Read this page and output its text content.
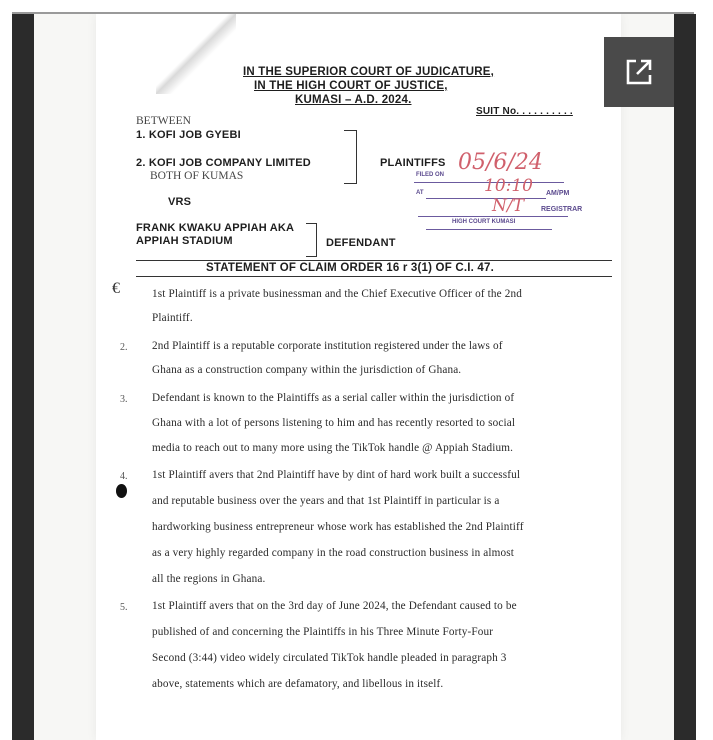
IN THE SUPERIOR COURT OF JUDICATURE,
IN THE HIGH COURT OF JUSTICE,
KUMASI – A.D. 2024.
SUIT No. . . . . . . . . .
BETWEEN
1. KOFI JOB GYEBI
2. KOFI JOB COMPANY LIMITED
BOTH OF KUMAS
PLAINTIFFS
VRS
FRANK KWAKU APPIAH AKA
APPIAH STADIUM	DEFENDANT
FILED ON
AT	AM/PM
REGISTRAR
HIGH COURT KUMASI
05/6/24
10:10
N/T
STATEMENT OF CLAIM ORDER 16 r 3(1) OF C.I. 47.
€	1st Plaintiff is a private businessman and the Chief Executive Officer of the 2nd
Plaintiff.
2. 2nd Plaintiff is a reputable corporate institution registered under the laws of
Ghana as a construction company within the jurisdiction of Ghana.
3. Defendant is known to the Plaintiffs as a serial caller within the jurisdiction of
Ghana with a lot of persons listening to him and has recently resorted to social
media to reach out to many more using the TikTok handle @ Appiah Stadium.
4. 1st Plaintiff avers that 2nd Plaintiff have by dint of hard work built a successful
and reputable business over the years and that 1st Plaintiff in particular is a
hardworking business entrepreneur whose work has established the 2nd Plaintiff
as a very highly regarded company in the road construction business in almost
all the regions in Ghana.
5. 1st Plaintiff avers that on the 3rd day of June 2024, the Defendant caused to be
published of and concerning the Plaintiffs in his Three Minute Forty-Four
Second (3:44) video widely circulated TikTok handle pleaded in paragraph 3
above, statements which are defamatory, and libellous in itself.
